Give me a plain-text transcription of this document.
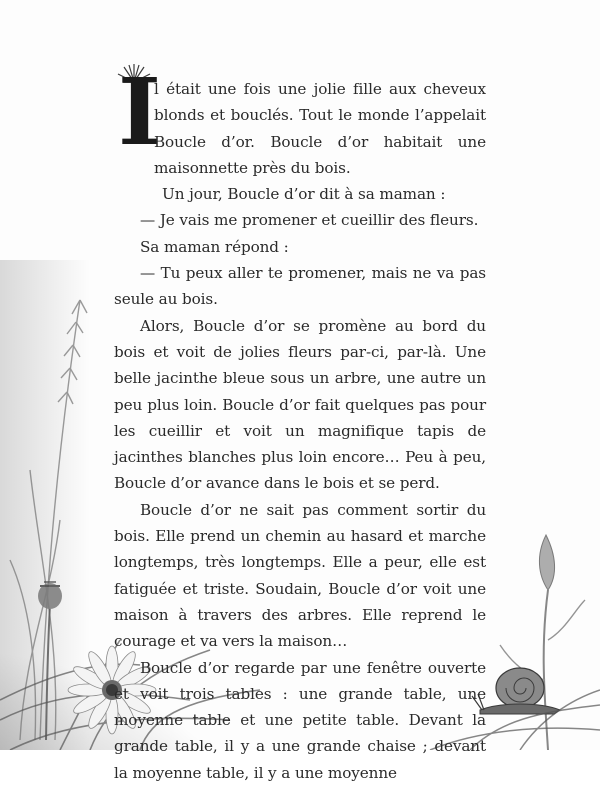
I

l était une fois une jolie fille aux cheveux blonds et bouclés. Tout le monde l’appelait Boucle d’or. Boucle d’or habitait une maisonnette près du bois.

Un jour, Boucle d’or dit à sa maman :

— Je vais me promener et cueillir des fleurs.

Sa maman répond :

— Tu peux aller te promener, mais ne va pas seule au bois.

Alors, Boucle d’or se promène au bord du bois et voit de jolies fleurs par-ci, par-là. Une belle jacinthe bleue sous un arbre, une autre un peu plus loin. Boucle d’or fait quelques pas pour les cueillir et voit un magnifique tapis de jacinthes blanches plus loin encore… Peu à peu, Boucle d’or avance dans le bois et se perd.

Boucle d’or ne sait pas comment sortir du bois. Elle prend un chemin au hasard et marche longtemps, très longtemps. Elle a peur, elle est fatiguée et triste. Soudain, Boucle d’or voit une maison à travers des arbres. Elle reprend le courage et va vers la maison…

Boucle d’or regarde par une fenêtre ouverte et voit trois tables : une grande table, une moyenne table et une petite table. Devant la grande table, il y a une grande chaise ; devant la moyenne table, il y a une moyenne
